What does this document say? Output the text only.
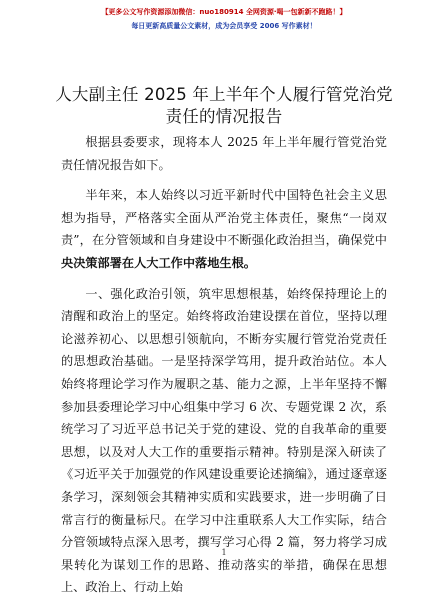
【更多公文写作资源添加微信：nuo180914 全网资源·喝一包新新不跑路！】
每日更新高质量公文素材，成为会员享受 2006 写作素材！
人大副主任 2025 年上半年个人履行管党治党责任的情况报告

根据县委要求，现将本人 2025 年上半年履行管党治党责任情况报告如下。

半年来，本人始终以习近平新时代中国特色社会主义思想为指导，严格落实全面从严治党主体责任，聚焦“一岗双责”，在分管领域和自身建设中不断强化政治担当，确保党中央决策部署在人大工作中落地生根。

一、强化政治引领，筑牢思想根基，始终保持理论上的清醒和政治上的坚定。始终将政治建设摆在首位，坚持以理论滋养初心、以思想引领航向，不断夯实履行管党治党责任的思想政治基础。一是坚持深学笃用，提升政治站位。本人始终将理论学习作为履职之基、能力之源，上半年坚持不懈参加县委理论学习中心组集中学习 6 次、专题党课 2 次，系统学习了习近平总书记关于党的建设、党的自我革命的重要思想，以及对人大工作的重要指示精神。特别是深入研读了《习近平关于加强党的作风建设重要论述摘编》，通过逐章逐条学习，深刻领会其精神实质和实践要求，进一步明确了日常言行的衡量标尺。在学习中注重联系人大工作实际，结合分管领域特点深入思考，撰写学习心得 2 篇，努力将学习成果转化为谋划工作的思路、推动落实的举措，确保在思想上、政治上、行动上始

1
